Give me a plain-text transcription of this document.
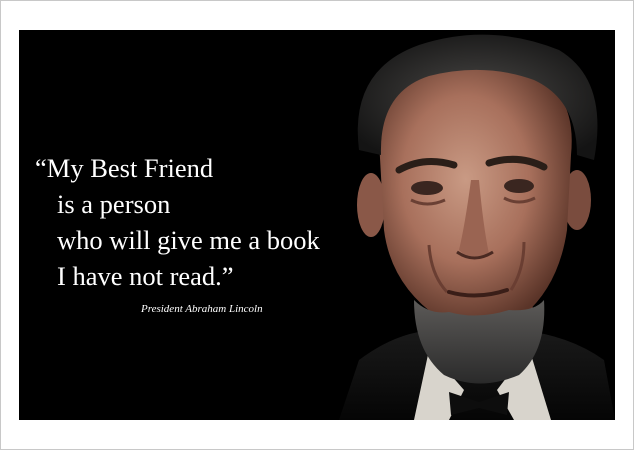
“My Best Friend
is a person
who will give me a book
I have not read.”
President Abraham Lincoln
